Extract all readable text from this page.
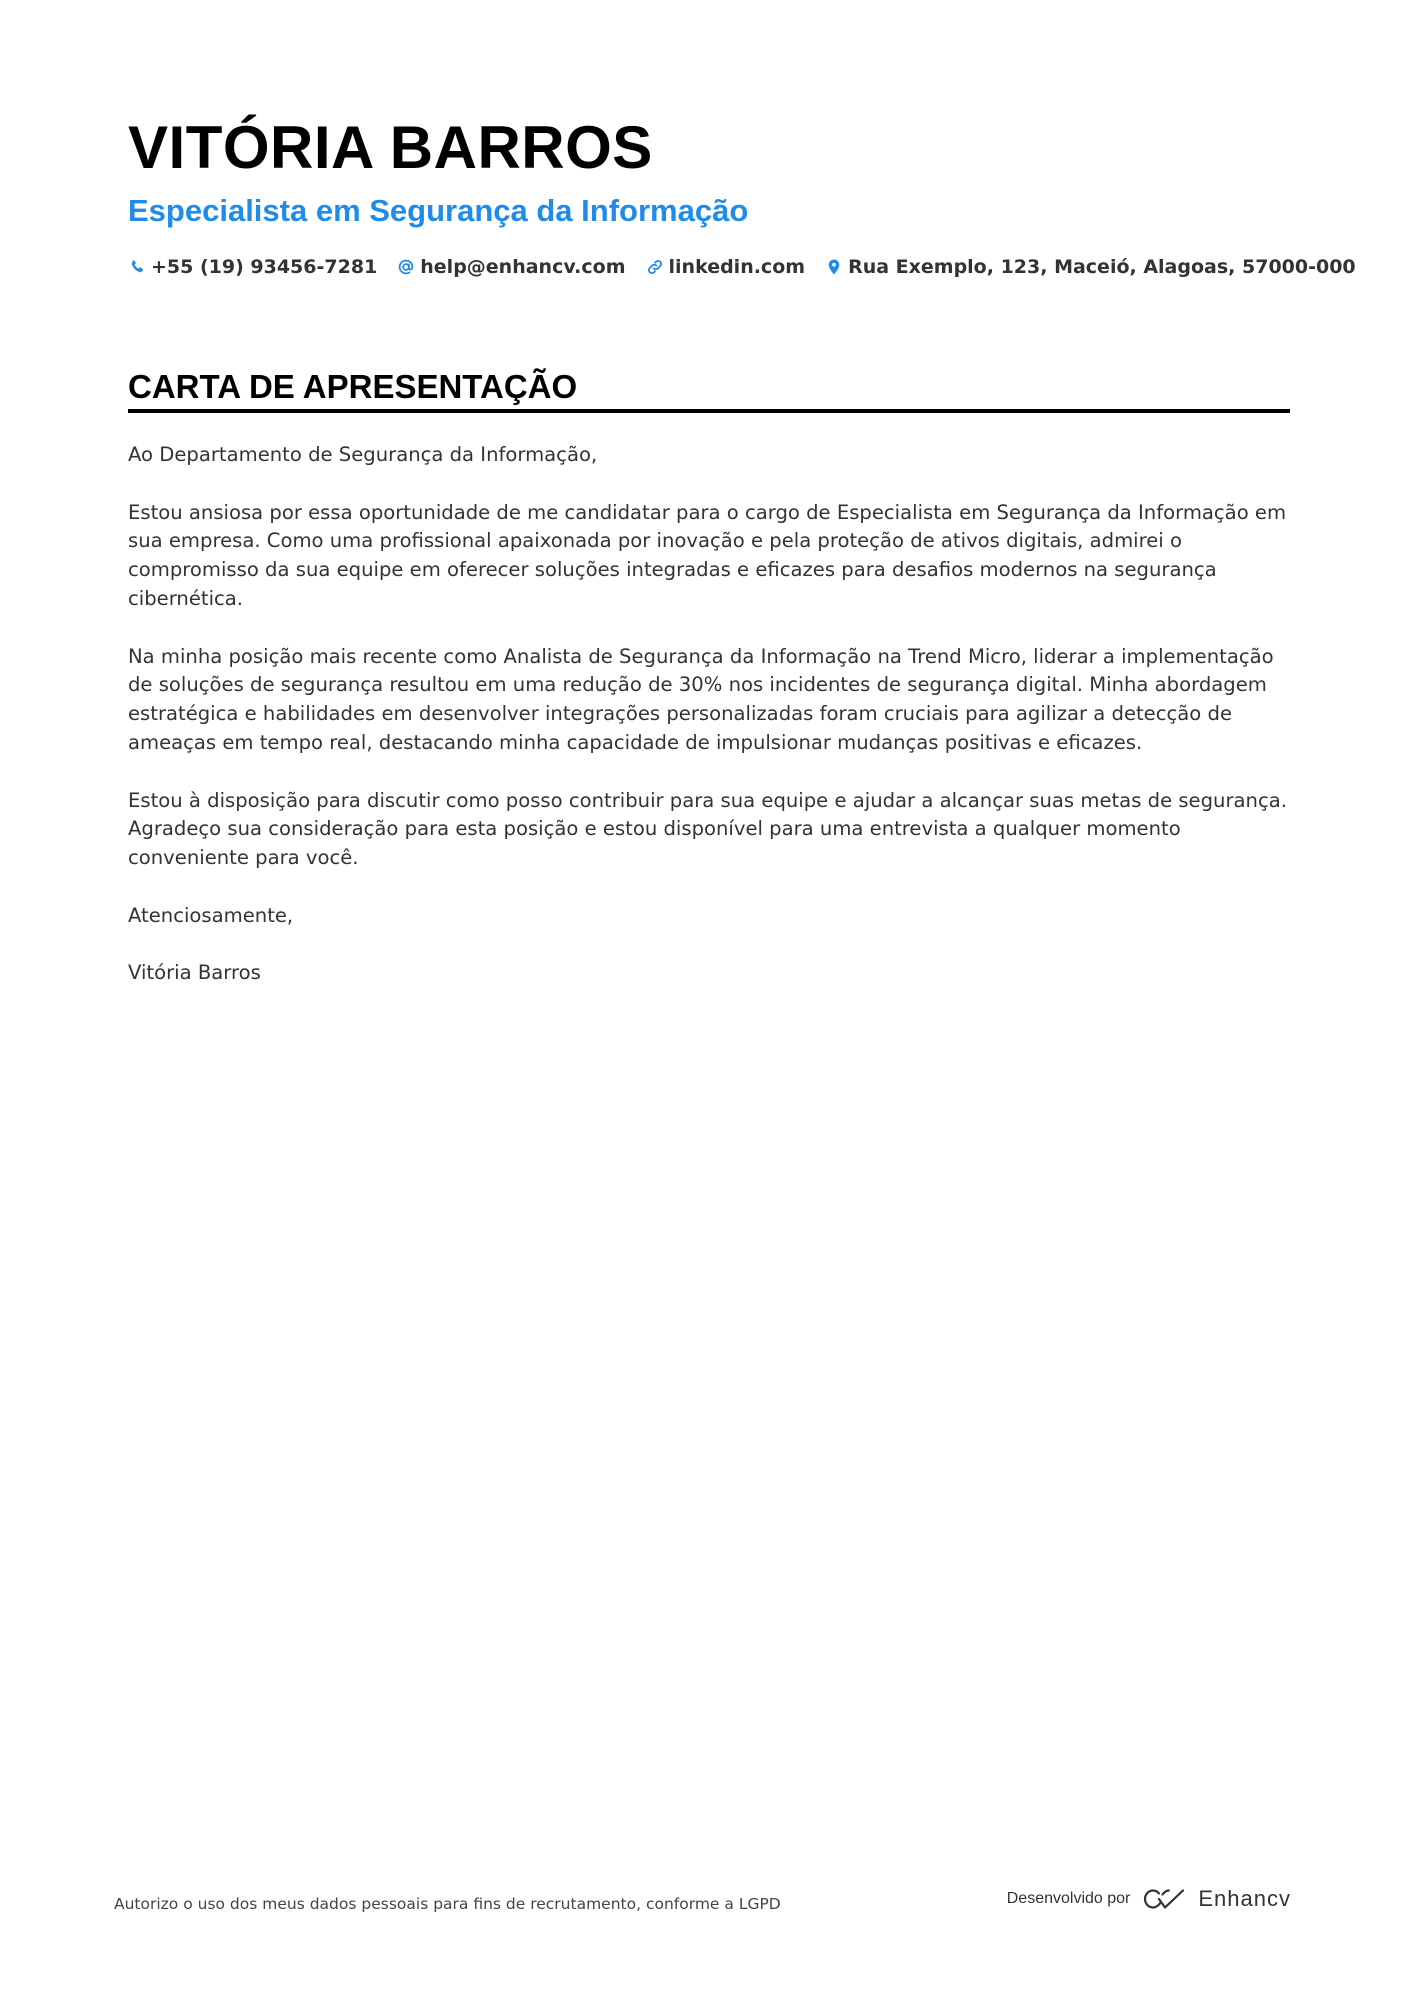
VITÓRIA BARROS
Especialista em Segurança da Informação
+55 (19) 93456-7281 help@enhancv.com linkedin.com Rua Exemplo, 123, Maceió, Alagoas, 57000-000
CARTA DE APRESENTAÇÃO

Ao Departamento de Segurança da Informação,

Estou ansiosa por essa oportunidade de me candidatar para o cargo de Especialista em Segurança da Informação em sua empresa. Como uma profissional apaixonada por inovação e pela proteção de ativos digitais, admirei o compromisso da sua equipe em oferecer soluções integradas e eficazes para desafios modernos na segurança cibernética.

Na minha posição mais recente como Analista de Segurança da Informação na Trend Micro, liderar a implementação de soluções de segurança resultou em uma redução de 30% nos incidentes de segurança digital. Minha abordagem estratégica e habilidades em desenvolver integrações personalizadas foram cruciais para agilizar a detecção de ameaças em tempo real, destacando minha capacidade de impulsionar mudanças positivas e eficazes.

Estou à disposição para discutir como posso contribuir para sua equipe e ajudar a alcançar suas metas de segurança. Agradeço sua consideração para esta posição e estou disponível para uma entrevista a qualquer momento conveniente para você.

Atenciosamente,

Vitória Barros

Autorizo o uso dos meus dados pessoais para fins de recrutamento, conforme a LGPD	Desenvolvido por	Enhancv
